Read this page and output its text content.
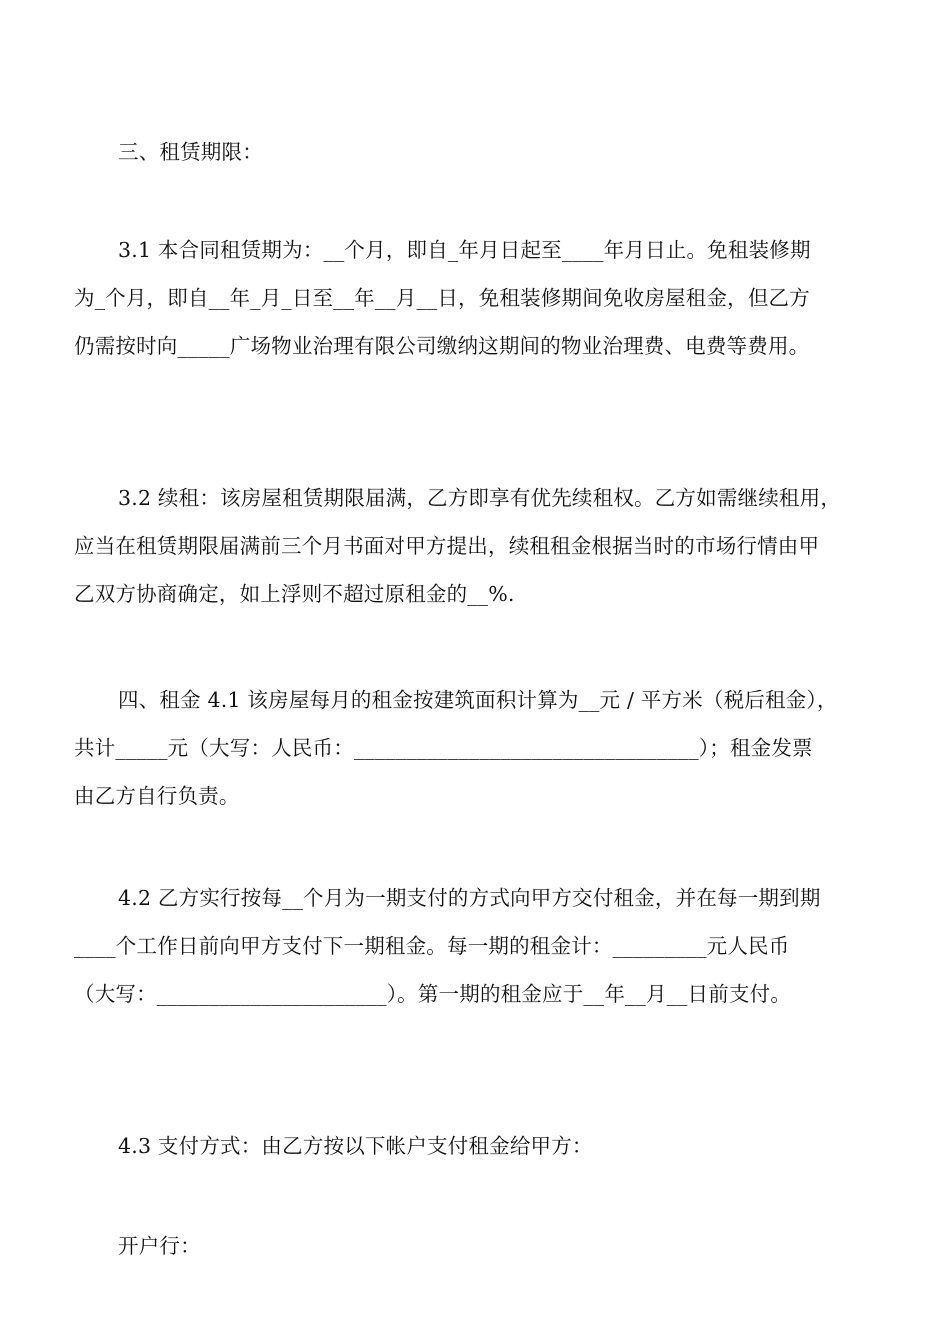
三、租赁期限：

3.1 本合同租赁期为：__个月，即自_年月日起至____年月日止。免租装修期
为_个月，即自__年_月_日至__年__月__日，免租装修期间免收房屋租金，但乙方
仍需按时向_____广场物业治理有限公司缴纳这期间的物业治理费、电费等费用。
3.2 续租：该房屋租赁期限届满，乙方即享有优先续租权。乙方如需继续租用，
应当在租赁期限届满前三个月书面对甲方提出，续租租金根据当时的市场行情由甲
乙双方协商确定，如上浮则不超过原租金的__%.
四、租金 4.1 该房屋每月的租金按建筑面积计算为__元 / 平方米（税后租金），
共计_____元（大写：人民币：_________________________________）；租金发票
由乙方自行负责。
4.2 乙方实行按每__个月为一期支付的方式向甲方交付租金，并在每一期到期
____个工作日前向甲方支付下一期租金。每一期的租金计：_________元人民币
（大写：______________________）。第一期的租金应于__年__月__日前支付。

4.3 支付方式：由乙方按以下帐户支付租金给甲方：

开户行：
